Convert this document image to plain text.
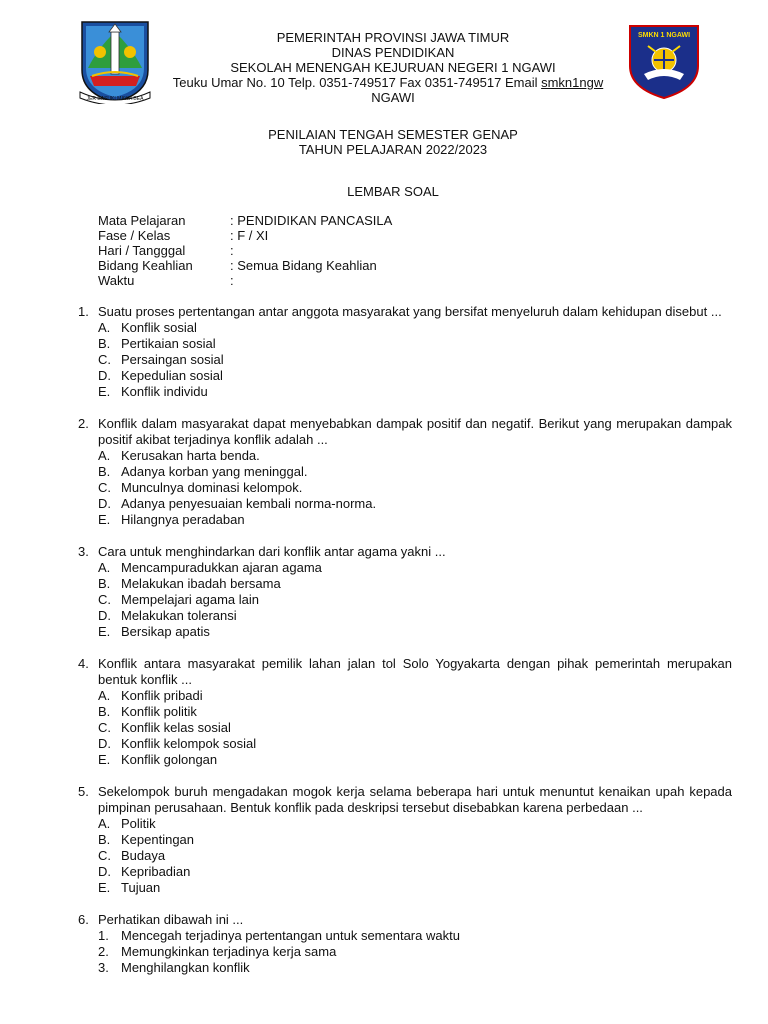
JER BASUKI MAWA BEA
SMKN 1 NGAWI
PEMERINTAH PROVINSI JAWA TIMUR
DINAS PENDIDIKAN
SEKOLAH MENENGAH KEJURUAN NEGERI 1 NGAWI
Teuku Umar No. 10 Telp. 0351-749517 Fax 0351-749517 Email smkn1ngw
NGAWI
PENILAIAN TENGAH SEMESTER GENAP
TAHUN PELAJARAN 2022/2023
LEMBAR SOAL
Mata Pelajaran	: PENDIDIKAN PANCASILA
Fase / Kelas	: F / XI
Hari / Tangggal	:
Bidang Keahlian	: Semua Bidang Keahlian
Waktu	:
1. Suatu proses pertentangan antar anggota masyarakat yang bersifat menyeluruh dalam kehidupan disebut ...
A. Konflik sosial
B. Pertikaian sosial
C. Persaingan sosial
D. Kepedulian sosial
E. Konflik individu
2. Konflik dalam masyarakat dapat menyebabkan dampak positif dan negatif. Berikut yang merupakan dampak positif akibat terjadinya konflik adalah ...
A. Kerusakan harta benda.
B. Adanya korban yang meninggal.
C. Munculnya dominasi kelompok.
D. Adanya penyesuaian kembali norma-norma.
E. Hilangnya peradaban
3. Cara untuk menghindarkan dari konflik antar agama yakni ...
A. Mencampuradukkan ajaran agama
B. Melakukan ibadah bersama
C. Mempelajari agama lain
D. Melakukan toleransi
E. Bersikap apatis
4. Konflik antara masyarakat pemilik lahan jalan tol Solo Yogyakarta dengan pihak pemerintah merupakan bentuk konflik ...
A. Konflik pribadi
B. Konflik politik
C. Konflik kelas sosial
D. Konflik kelompok sosial
E. Konflik golongan
5. Sekelompok buruh mengadakan mogok kerja selama beberapa hari untuk menuntut kenaikan upah kepada pimpinan perusahaan. Bentuk konflik pada deskripsi tersebut disebabkan karena perbedaan ...
A. Politik
B. Kepentingan
C. Budaya
D. Kepribadian
E. Tujuan
6. Perhatikan dibawah ini ...
1. Mencegah terjadinya pertentangan untuk sementara waktu
2. Memungkinkan terjadinya kerja sama
3. Menghilangkan konflik
